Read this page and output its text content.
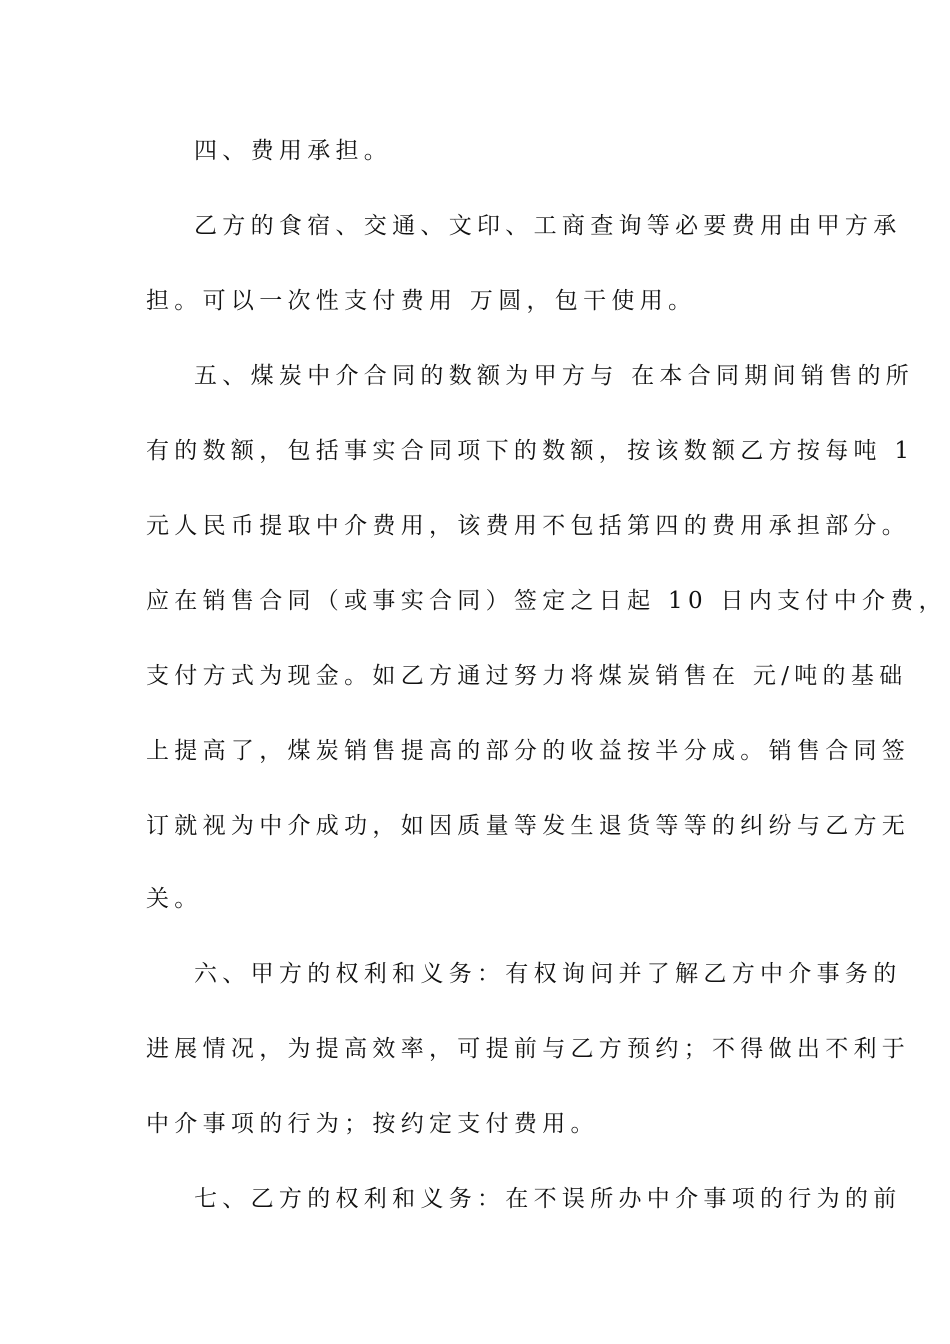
四、费用承担。
乙方的食宿、交通、文印、工商查询等必要费用由甲方承
担。可以一次性支付费用 万圆，包干使用。
五、煤炭中介合同的数额为甲方与 在本合同期间销售的所
有的数额，包括事实合同项下的数额，按该数额乙方按每吨 1
元人民币提取中介费用，该费用不包括第四的费用承担部分。
应在销售合同（或事实合同）签定之日起 10 日内支付中介费，
支付方式为现金。如乙方通过努力将煤炭销售在 元/吨的基础
上提高了，煤炭销售提高的部分的收益按半分成。销售合同签
订就视为中介成功，如因质量等发生退货等等的纠纷与乙方无
关。
六、甲方的权利和义务：有权询问并了解乙方中介事务的
进展情况，为提高效率，可提前与乙方预约；不得做出不利于
中介事项的行为；按约定支付费用。
七、乙方的权利和义务：在不误所办中介事项的行为的前
